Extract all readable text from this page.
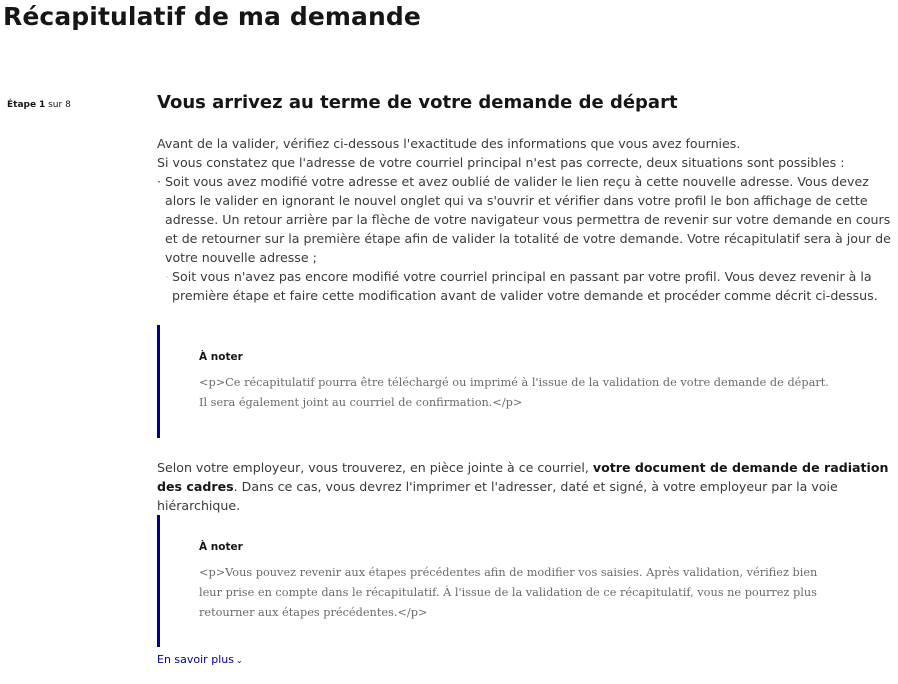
Récapitulatif de ma demande
Étape 1 sur 8	Vous arrivez au terme de votre demande de départ

Avant de la valider, vérifiez ci-dessous l'exactitude des informations que vous avez fournies.

Si vous constatez que l'adresse de votre courriel principal n'est pas correcte, deux situations sont possibles :

· Soit vous avez modifié votre adresse et avez oublié de valider le lien reçu à cette nouvelle adresse. Vous devez alors le valider en ignorant le nouvel onglet qui va s'ouvrir et vérifier dans votre profil le bon affichage de cette adresse. Un retour arrière par la flèche de votre navigateur vous permettra de revenir sur votre demande en cours et de retourner sur la première étape afin de valider la totalité de votre demande. Votre récapitulatif sera à jour de votre nouvelle adresse ;
· Soit vous n'avez pas encore modifié votre courriel principal en passant par votre profil. Vous devez revenir à la première étape et faire cette modification avant de valider votre demande et procéder comme décrit ci-dessus.

À noter

<p>Ce récapitulatif pourra être téléchargé ou imprimé à l'issue de la validation de votre demande de départ. Il sera également joint au courriel de confirmation.</p>

Selon votre employeur, vous trouverez, en pièce jointe à ce courriel, votre document de demande de radiation des cadres. Dans ce cas, vous devrez l'imprimer et l'adresser, daté et signé, à votre employeur par la voie hiérarchique.

À noter

<p>Vous pouvez revenir aux étapes précédentes afin de modifier vos saisies. Après validation, vérifiez bien leur prise en compte dans le récapitulatif. À l'issue de la validation de ce récapitulatif, vous ne pourrez plus retourner aux étapes précédentes.</p>

En savoir plus ⌄
